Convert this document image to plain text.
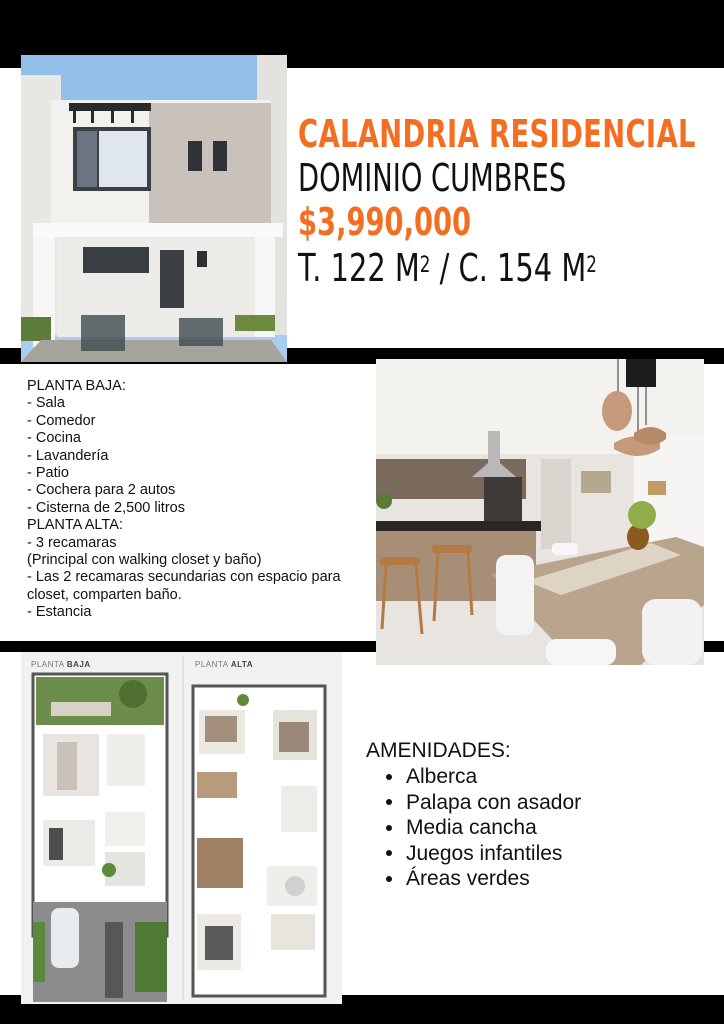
CALANDRIA RESIDENCIAL
DOMINIO CUMBRES
$3,990,000
T. 122 $M^2$ / C. 154 $M^2$
PLANTA BAJA:
- Sala
- Comedor
- Cocina
- Lavandería
- Patio
- Cochera para 2 autos
- Cisterna de 2,500 litros
PLANTA ALTA:
- 3 recamaras
(Principal con walking closet y baño)
- Las 2 recamaras secundarias con espacio para closet, comparten baño.
- Estancia
PLANTA BAJA	PLANTA ALTA
AMENIDADES:
Alberca
Palapa con asador
Media cancha
Juegos infantiles
Áreas verdes
